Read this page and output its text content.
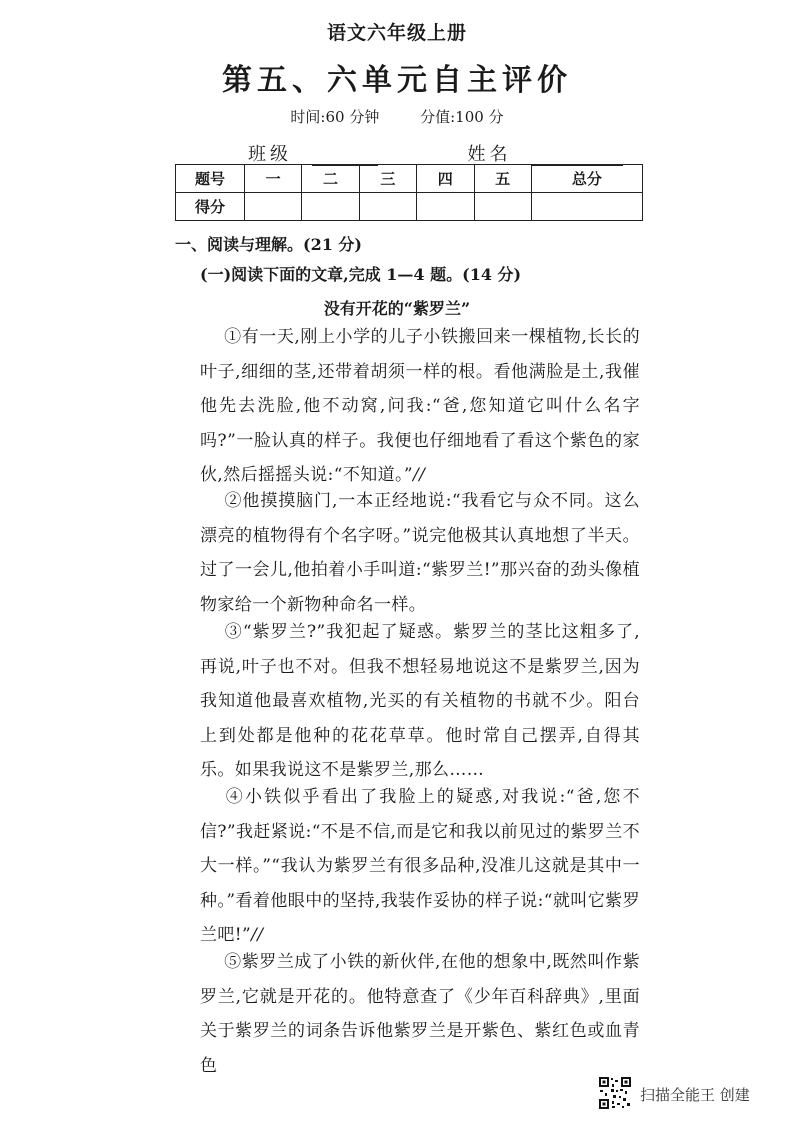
语文六年级上册
第五、六单元自主评价
时间:60 分钟	分值:100 分
班级	姓名
题号	一	二	三	四	五	总分
得分						
一、阅读与理解。(21 分)
(一)阅读下面的文章,完成 1—4 题。(14 分)
没有开花的“紫罗兰”
①有一天,刚上小学的儿子小铁搬回来一棵植物,长长的叶子,细细的茎,还带着胡须一样的根。看他满脸是土,我催他先去洗脸,他不动窝,问我:“爸,您知道它叫什么名字吗?”一脸认真的样子。我便也仔细地看了看这个紫色的家伙,然后摇摇头说:“不知道。”//
②他摸摸脑门,一本正经地说:“我看它与众不同。这么漂亮的植物得有个名字呀。”说完他极其认真地想了半天。过了一会儿,他拍着小手叫道:“紫罗兰!”那兴奋的劲头像植物家给一个新物种命名一样。
③“紫罗兰?”我犯起了疑惑。紫罗兰的茎比这粗多了,再说,叶子也不对。但我不想轻易地说这不是紫罗兰,因为我知道他最喜欢植物,光买的有关植物的书就不少。阳台上到处都是他种的花花草草。他时常自己摆弄,自得其乐。如果我说这不是紫罗兰,那么……
④小铁似乎看出了我脸上的疑惑,对我说:“爸,您不信?”我赶紧说:“不是不信,而是它和我以前见过的紫罗兰不大一样。”“我认为紫罗兰有很多品种,没准儿这就是其中一种。”看着他眼中的坚持,我装作妥协的样子说:“就叫它紫罗兰吧!”//
⑤紫罗兰成了小铁的新伙伴,在他的想象中,既然叫作紫罗兰,它就是开花的。他特意查了《少年百科辞典》,里面关于紫罗兰的词条告诉他紫罗兰是开紫色、紫红色或血青色
扫描全能王 创建
